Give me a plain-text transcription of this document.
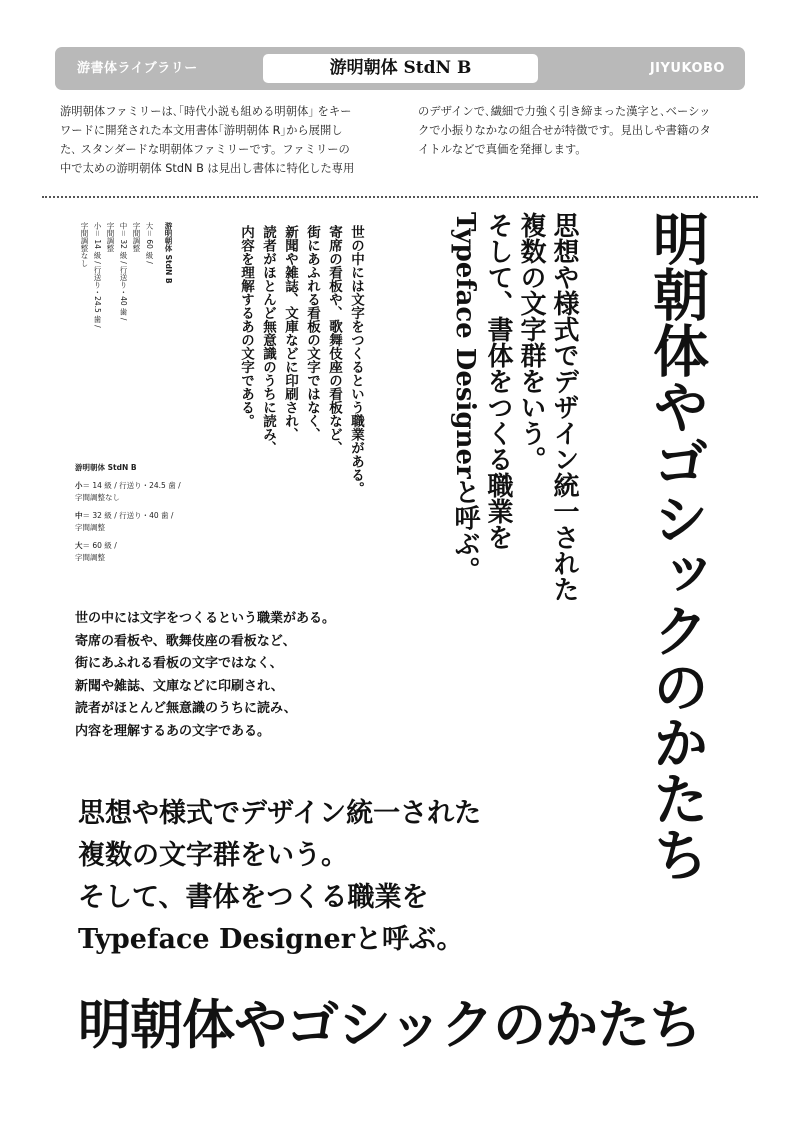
游書体ライブラリー	游明朝体 StdN B	JIYUKOBO
游明朝体ファミリーは､｢時代小説も組める明朝体｣ をキー
ワードに開発された本文用書体｢游明朝体 R｣から展開し
た､ スタンダードな明朝体ファミリーです。ファミリーの
中で太めの游明朝体 StdN B は見出し書体に特化した専用
のデザインで､繊細で力強く引き締まった漢字と､ベーシッ
クで小振りなかなの組合せが特徴です。見出しや書籍のタ
イトルなどで真価を発揮します。
游明朝体 StdN B
大＝ 60 級 /
字間調整
中＝ 32 級 / 行送り・40 歯 /
字間調整
小＝ 14 級 / 行送り・24.5 歯 /
字間調整なし	世の中には文字をつくるという職業がある。
寄席の看板や、歌舞伎座の看板など、
街にあふれる看板の文字ではなく、
新聞や雑誌、文庫などに印刷され、
読者がほとんど無意識のうちに読み、
内容を理解するあの文字である。	思想や様式でデザイン統一された
複数の文字群をいう。
そして、書体をつくる職業を
Typeface Designerと呼ぶ。	明朝体やゴシックのかたち
游明朝体 StdN B
小＝ 14 級 / 行送り・24.5 歯 /
字間調整なし
中＝ 32 級 / 行送り・40 歯 /
字間調整
大＝ 60 級 /
字間調整
世の中には文字をつくるという職業がある。
寄席の看板や、歌舞伎座の看板など、
街にあふれる看板の文字ではなく、
新聞や雑誌、文庫などに印刷され、
読者がほとんど無意識のうちに読み、
内容を理解するあの文字である。
思想や様式でデザイン統一された
複数の文字群をいう。
そして、書体をつくる職業を
Typeface Designerと呼ぶ。
明朝体やゴシックのかたち
